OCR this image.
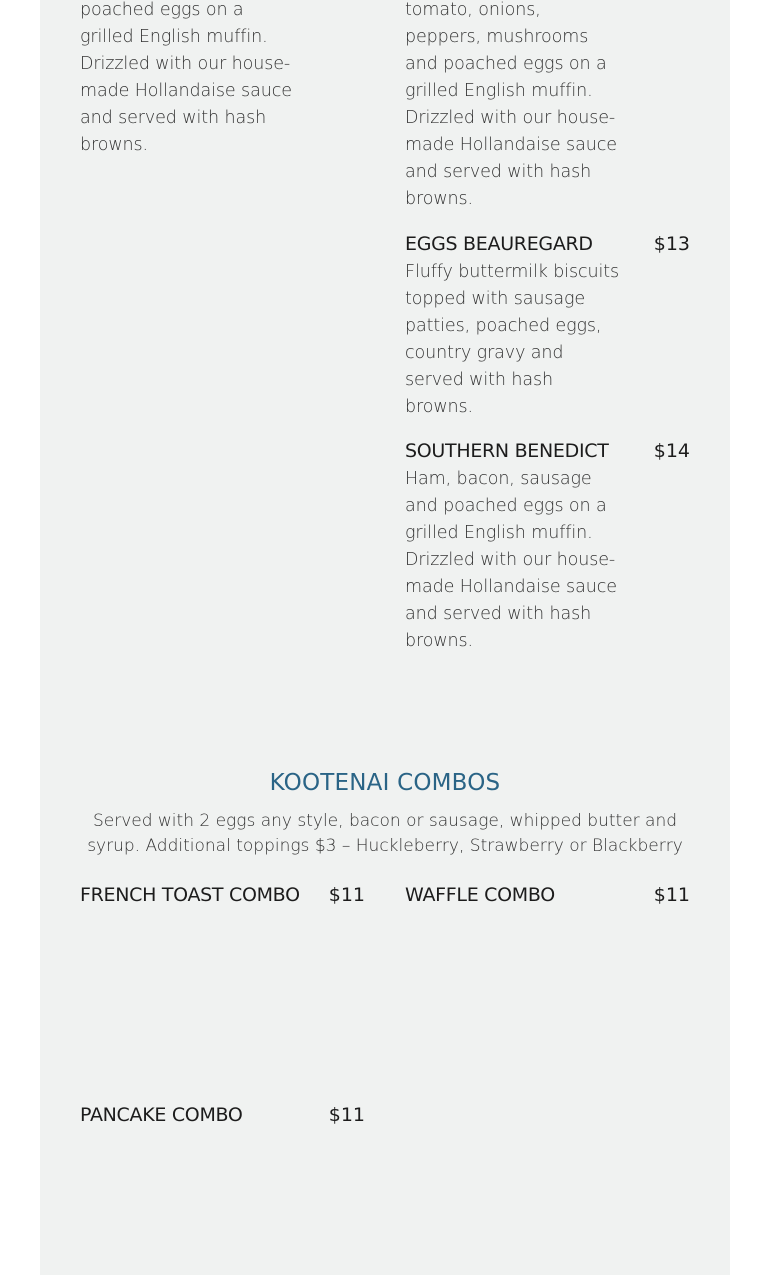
poached eggs on a grilled English muffin. Drizzled with our house-made Hollandaise sauce and served with hash browns.
tomato, onions, peppers, mushrooms and poached eggs on a grilled English muffin. Drizzled with our house-made Hollandaise sauce and served with hash browns.
EGGS BEAUREGARD	$13
Fluffy buttermilk biscuits topped with sausage patties, poached eggs, country gravy and served with hash browns.
SOUTHERN BENEDICT	$14
Ham, bacon, sausage and poached eggs on a grilled English muffin. Drizzled with our house-made Hollandaise sauce and served with hash browns.
KOOTENAI COMBOS
Served with 2 eggs any style, bacon or sausage, whipped butter and syrup. Additional toppings $3 – Huckleberry, Strawberry or Blackberry
FRENCH TOAST COMBO	$11 WAFFLE COMBO	$11
PANCAKE COMBO	$11
